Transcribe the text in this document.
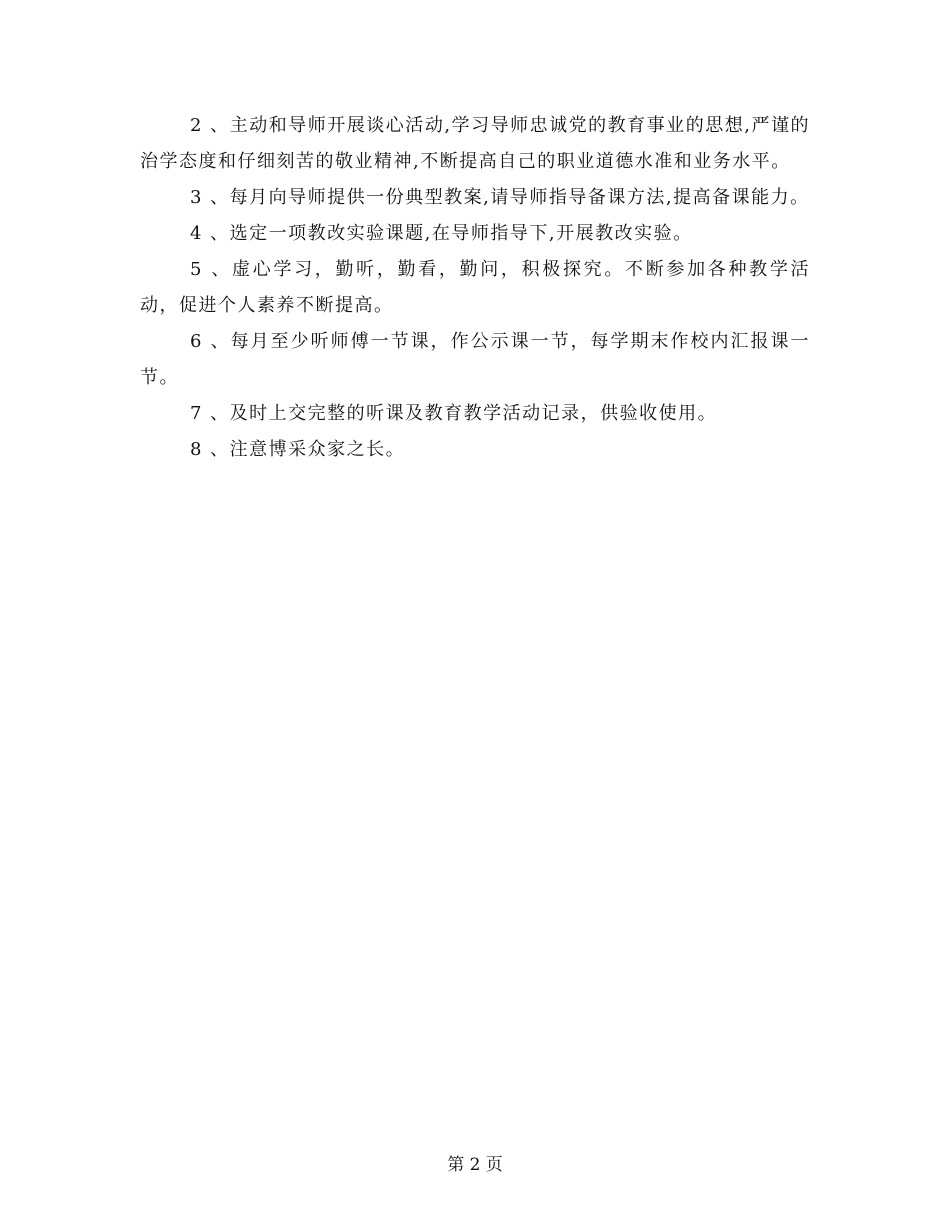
2 、主动和导师开展谈心活动,学习导师忠诚党的教育事业的思想,严谨的治学态度和仔细刻苦的敬业精神,不断提高自己的职业道德水准和业务水平。

3 、每月向导师提供一份典型教案,请导师指导备课方法,提高备课能力。

4 、选定一项教改实验课题,在导师指导下,开展教改实验。

5 、虚心学习，勤听，勤看，勤问，积极探究。不断参加各种教学活动，促进个人素养不断提高。

6 、每月至少听师傅一节课，作公示课一节，每学期末作校内汇报课一节。

7 、及时上交完整的听课及教育教学活动记录，供验收使用。

8 、注意博采众家之长。

第 2 页
